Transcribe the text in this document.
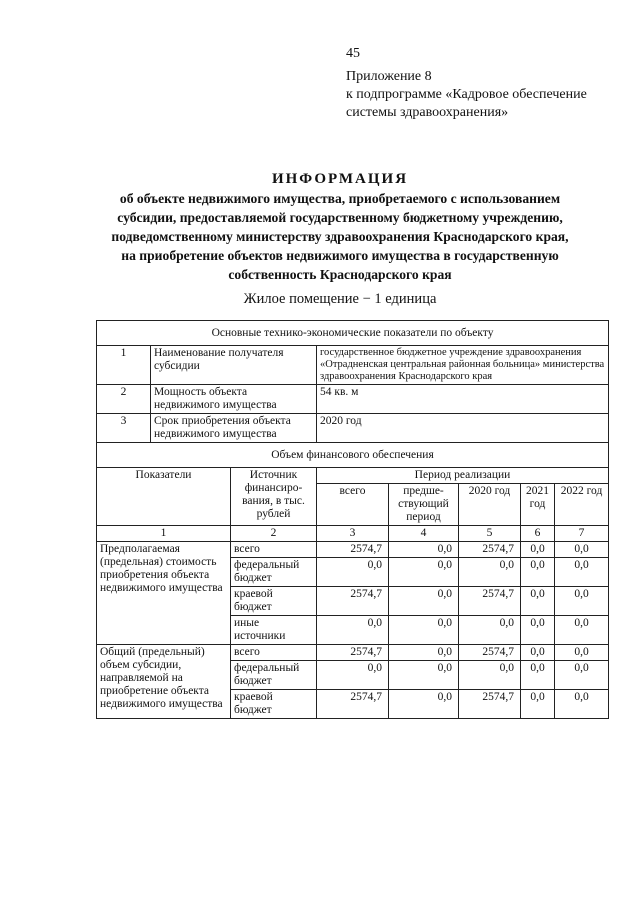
45
Приложение 8
к подпрограмме «Кадровое обеспечение
системы здравоохранения»
ИНФОРМАЦИЯ
об объекте недвижимого имущества, приобретаемого с использованием
субсидии, предоставляемой государственному бюджетному учреждению,
подведомственному министерству здравоохранения Краснодарского края,
на приобретение объектов недвижимого имущества в государственную
собственность Краснодарского края
Жилое помещение − 1 единица
Основные технико-экономические показатели по объекту							
1	Наименование получателя субсидии		государственное бюджетное учреждение здравоохранения «Отрадненская центральная районная больница» министерства здравоохранения Краснодарского края				
2	Мощность объекта недвижимого имущества		54 кв. м				
3	Срок приобретения объекта недвижимого имущества		2020 год				
Объем финансового обеспечения							
Показатели		Источник финансиро-вания, в тыс. рублей	Период реализации				
			всего	предше-ствующий период	2020 год	2021 год	2022 год
1		2	3	4	5	6	7
Предполагаемая (предельная) стоимость приобретения объекта недвижимого имущества		всего	2574,7	0,0	2574,7	0,0	0,0
		федеральный бюджет	0,0	0,0	0,0	0,0	0,0
		краевой бюджет	2574,7	0,0	2574,7	0,0	0,0
		иные источники	0,0	0,0	0,0	0,0	0,0
Общий (предельный) объем субсидии, направляемой на приобретение объекта недвижимого имущества		всего	2574,7	0,0	2574,7	0,0	0,0
		федеральный бюджет	0,0	0,0	0,0	0,0	0,0
		краевой бюджет	2574,7	0,0	2574,7	0,0	0,0
